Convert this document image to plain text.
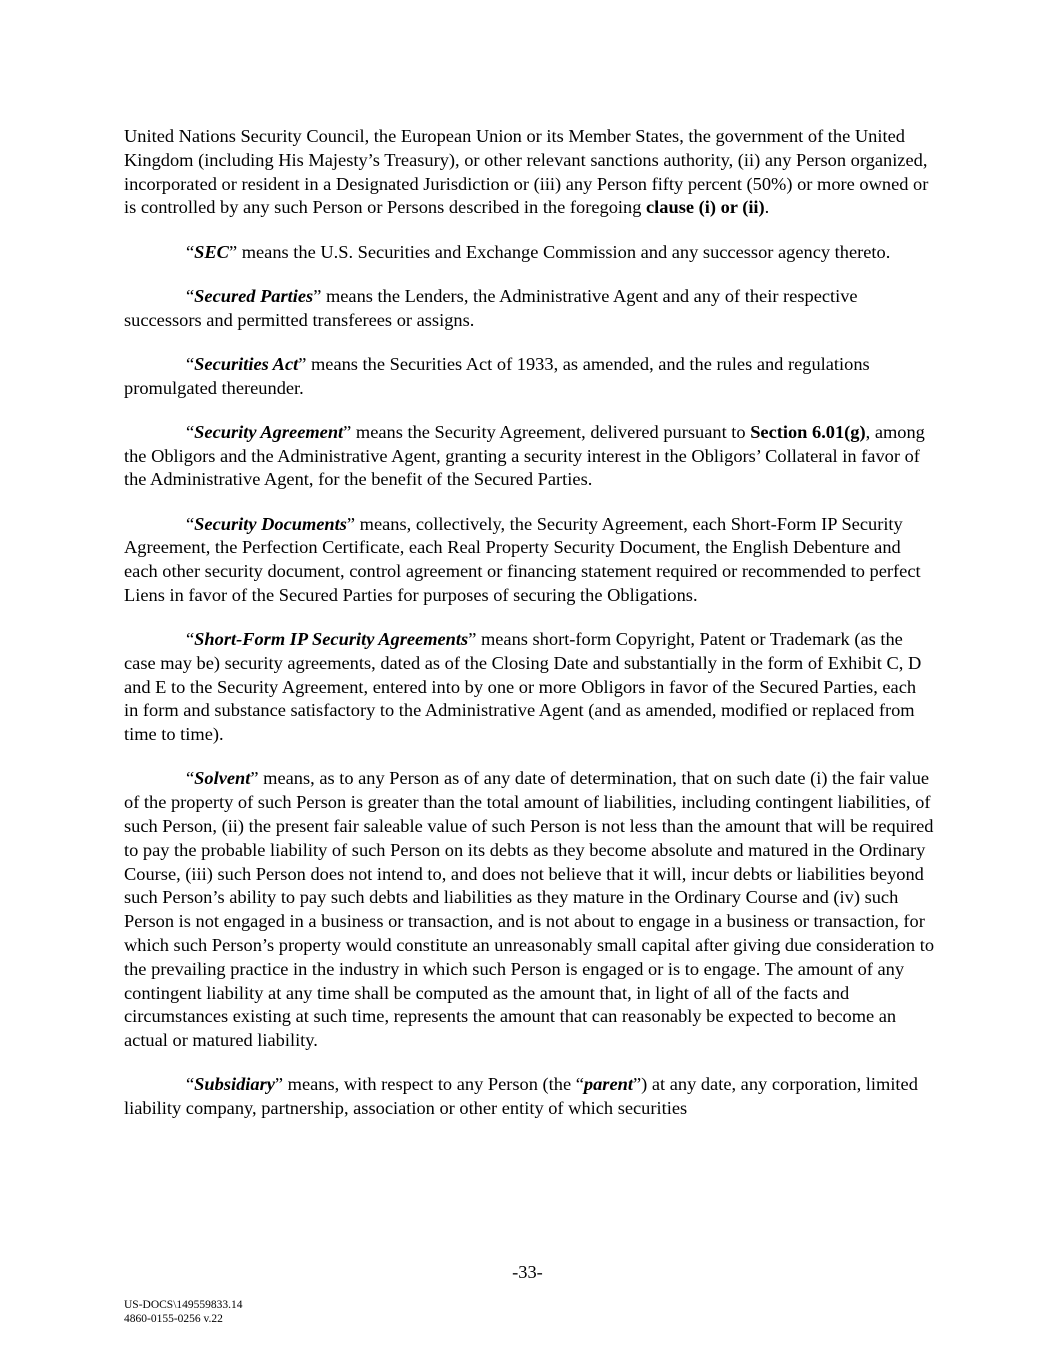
United Nations Security Council, the European Union or its Member States, the government of the United Kingdom (including His Majesty’s Treasury), or other relevant sanctions authority, (ii) any Person organized, incorporated or resident in a Designated Jurisdiction or (iii) any Person fifty percent (50%) or more owned or is controlled by any such Person or Persons described in the foregoing clause (i) or (ii).

“SEC” means the U.S. Securities and Exchange Commission and any successor agency thereto.

“Secured Parties” means the Lenders, the Administrative Agent and any of their respective successors and permitted transferees or assigns.

“Securities Act” means the Securities Act of 1933, as amended, and the rules and regulations promulgated thereunder.

“Security Agreement” means the Security Agreement, delivered pursuant to Section 6.01(g), among the Obligors and the Administrative Agent, granting a security interest in the Obligors’ Collateral in favor of the Administrative Agent, for the benefit of the Secured Parties.

“Security Documents” means, collectively, the Security Agreement, each Short-Form IP Security Agreement, the Perfection Certificate, each Real Property Security Document, the English Debenture and each other security document, control agreement or financing statement required or recommended to perfect Liens in favor of the Secured Parties for purposes of securing the Obligations.

“Short-Form IP Security Agreements” means short-form Copyright, Patent or Trademark (as the case may be) security agreements, dated as of the Closing Date and substantially in the form of Exhibit C, D and E to the Security Agreement, entered into by one or more Obligors in favor of the Secured Parties, each in form and substance satisfactory to the Administrative Agent (and as amended, modified or replaced from time to time).

“Solvent” means, as to any Person as of any date of determination, that on such date (i) the fair value of the property of such Person is greater than the total amount of liabilities, including contingent liabilities, of such Person, (ii) the present fair saleable value of such Person is not less than the amount that will be required to pay the probable liability of such Person on its debts as they become absolute and matured in the Ordinary Course, (iii) such Person does not intend to, and does not believe that it will, incur debts or liabilities beyond such Person’s ability to pay such debts and liabilities as they mature in the Ordinary Course and (iv) such Person is not engaged in a business or transaction, and is not about to engage in a business or transaction, for which such Person’s property would constitute an unreasonably small capital after giving due consideration to the prevailing practice in the industry in which such Person is engaged or is to engage. The amount of any contingent liability at any time shall be computed as the amount that, in light of all of the facts and circumstances existing at such time, represents the amount that can reasonably be expected to become an actual or matured liability.

“Subsidiary” means, with respect to any Person (the “parent”) at any date, any corporation, limited liability company, partnership, association or other entity of which securities

-33-
US-DOCS\149559833.14
4860-0155-0256 v.22
